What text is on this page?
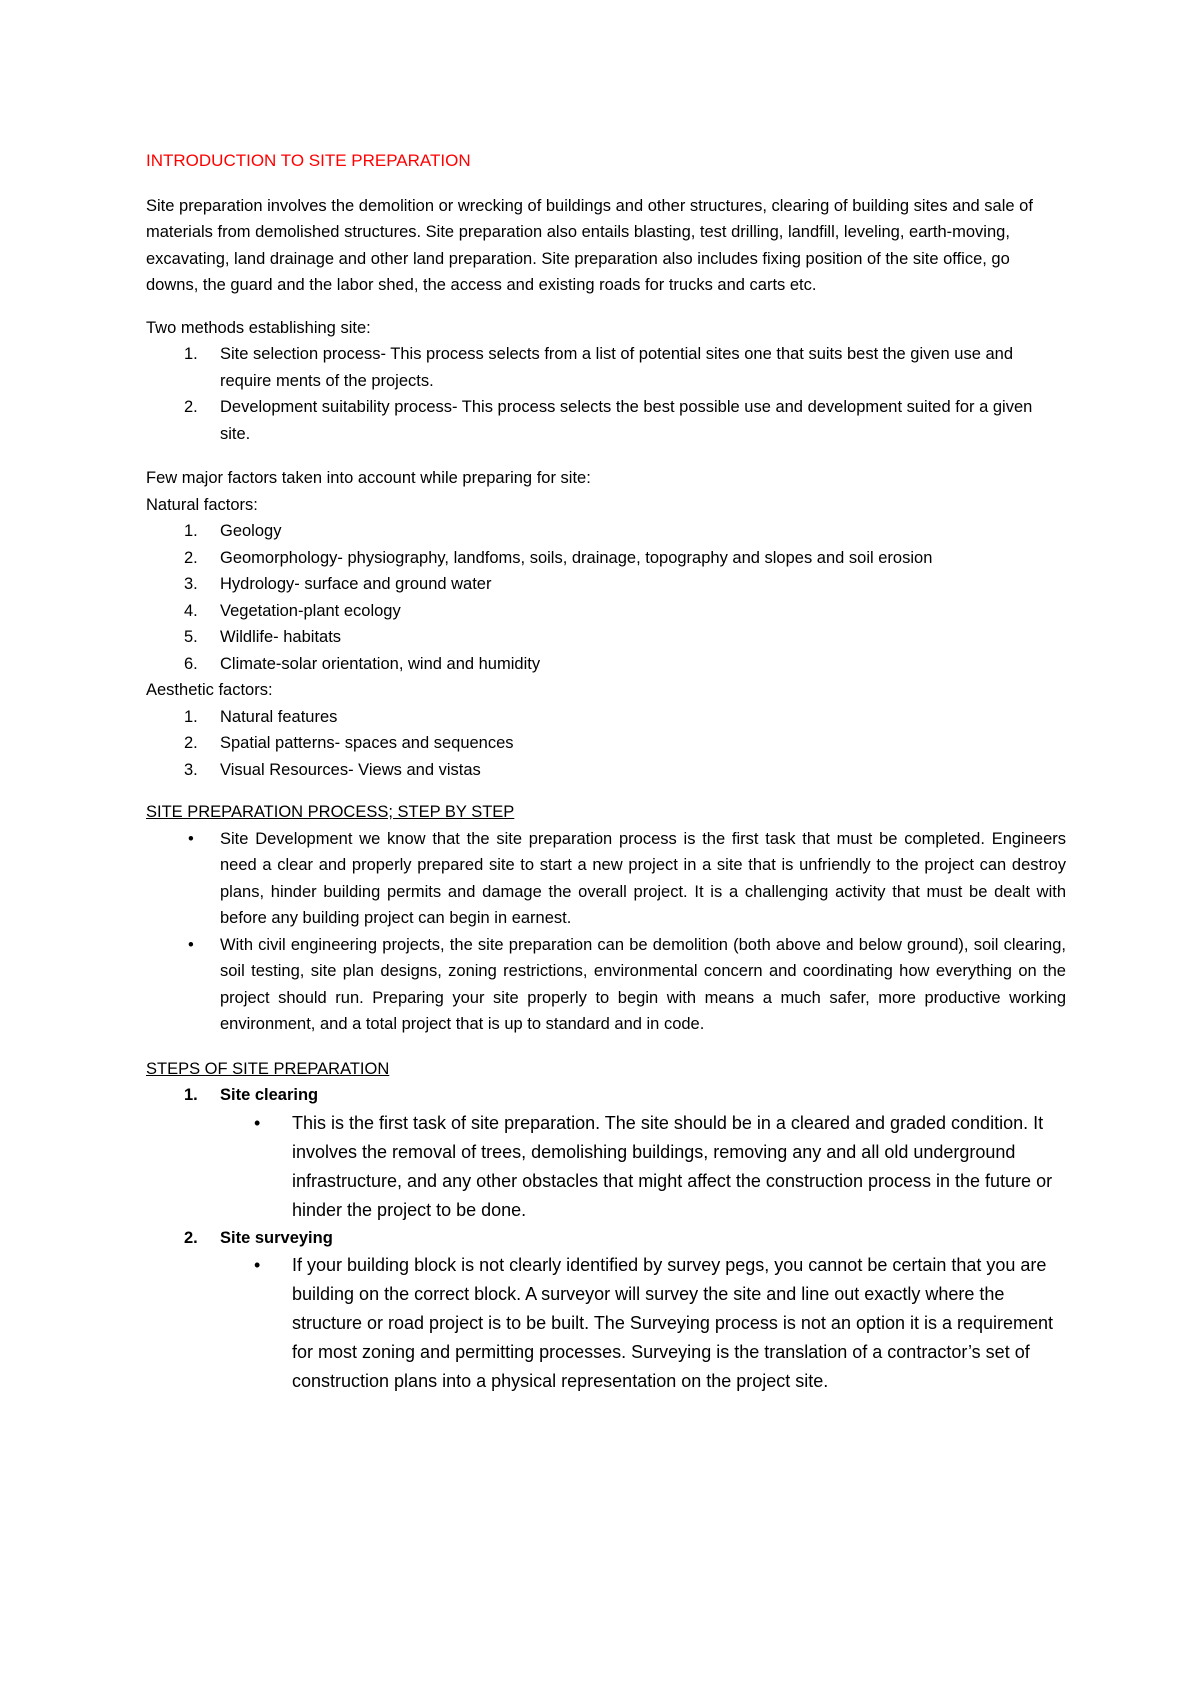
INTRODUCTION TO SITE PREPARATION

Site preparation involves the demolition or wrecking of buildings and other structures, clearing of building sites and sale of materials from demolished structures. Site preparation also entails blasting, test drilling, landfill, leveling, earth-moving, excavating, land drainage and other land preparation. Site preparation also includes fixing position of the site office, go downs, the guard and the labor shed, the access and existing roads for trucks and carts etc.

Two methods establishing site:

1. Site selection process- This process selects from a list of potential sites one that suits best the given use and require ments of the projects.
2. Development suitability process- This process selects the best possible use and development suited for a given site.

Few major factors taken into account while preparing for site:

Natural factors:

1. Geology
2. Geomorphology- physiography, landfoms, soils, drainage, topography and slopes and soil erosion
3. Hydrology- surface and ground water
4. Vegetation-plant ecology
5. Wildlife- habitats
6. Climate-solar orientation, wind and humidity

Aesthetic factors:

1. Natural features
2. Spatial patterns- spaces and sequences
3. Visual Resources- Views and vistas

SITE PREPARATION PROCESS; STEP BY STEP

• Site Development we know that the site preparation process is the first task that must be completed. Engineers need a clear and properly prepared site to start a new project in a site that is unfriendly to the project can destroy plans, hinder building permits and damage the overall project. It is a challenging activity that must be dealt with before any building project can begin in earnest.
• With civil engineering projects, the site preparation can be demolition (both above and below ground), soil clearing, soil testing, site plan designs, zoning restrictions, environmental concern and coordinating how everything on the project should run. Preparing your site properly to begin with means a much safer, more productive working environment, and a total project that is up to standard and in code.

STEPS OF SITE PREPARATION

1. Site clearing
• This is the first task of site preparation. The site should be in a cleared and graded condition. It involves the removal of trees, demolishing buildings, removing any and all old underground infrastructure, and any other obstacles that might affect the construction process in the future or hinder the project to be done.
2. Site surveying
• If your building block is not clearly identified by survey pegs, you cannot be certain that you are building on the correct block. A surveyor will survey the site and line out exactly where the structure or road project is to be built. The Surveying process is not an option it is a requirement for most zoning and permitting processes. Surveying is the translation of a contractor’s set of construction plans into a physical representation on the project site.
